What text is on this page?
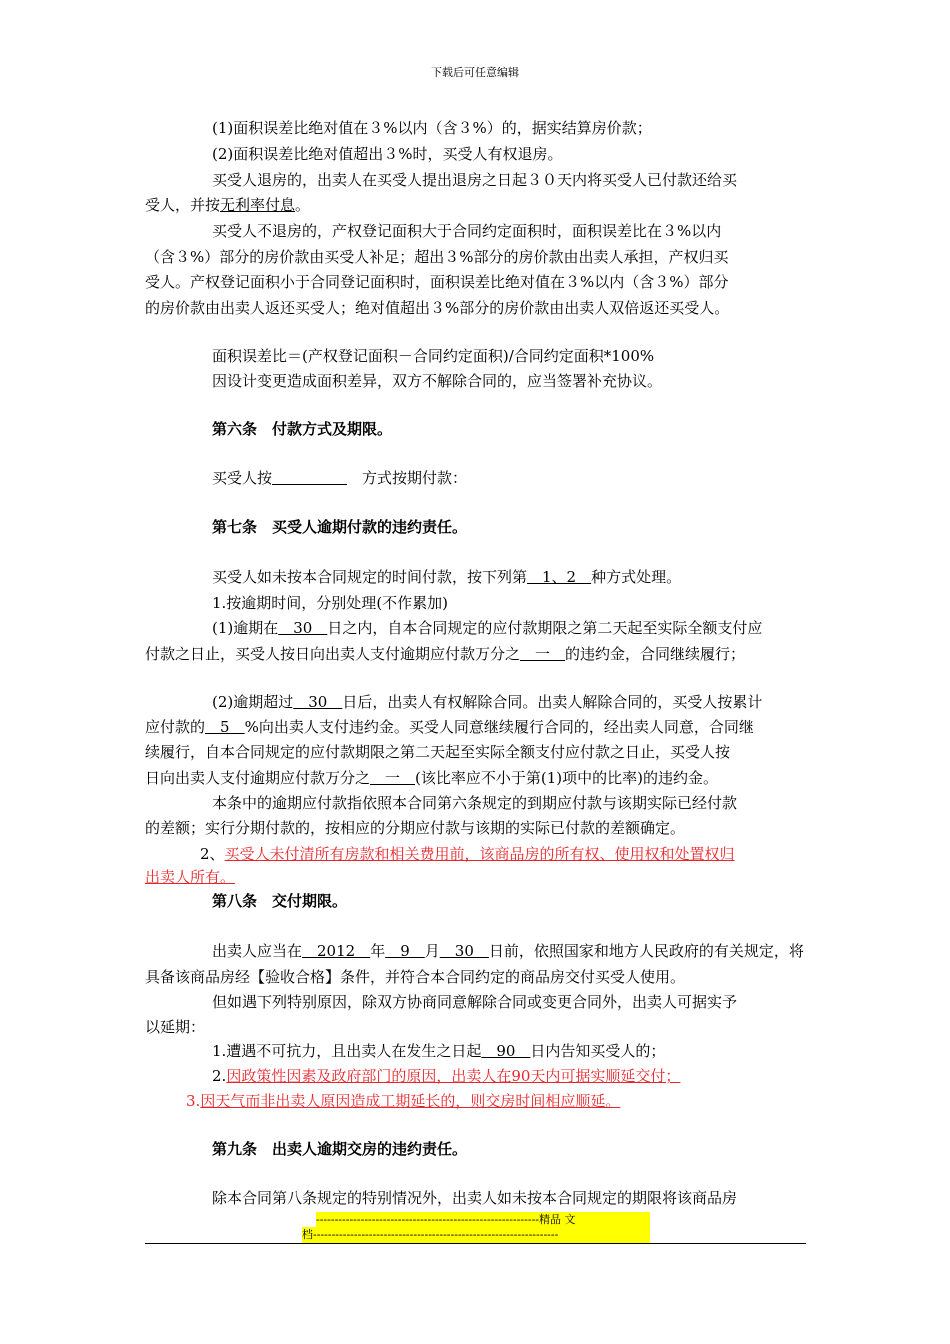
下载后可任意编辑
(1)面积误差比绝对值在３%以内（含３%）的，据实结算房价款；
(2)面积误差比绝对值超出３%时，买受人有权退房。
买受人退房的，出卖人在买受人提出退房之日起３０天内将买受人已付款还给买
受人，并按无利率付息。
买受人不退房的，产权登记面积大于合同约定面积时，面积误差比在３%以内
（含３%）部分的房价款由买受人补足；超出３%部分的房价款由出卖人承担，产权归买
受人。产权登记面积小于合同登记面积时，面积误差比绝对值在３%以内（含３%）部分
的房价款由出卖人返还买受人；绝对值超出３%部分的房价款由出卖人双倍返还买受人。
面积误差比＝(产权登记面积－合同约定面积)/合同约定面积*100%
因设计变更造成面积差异，双方不解除合同的，应当签署补充协议。
第六条　付款方式及期限。
买受人按　　　　　	　方式按期付款：
第七条　买受人逾期付款的违约责任。
买受人如未按本合同规定的时间付款，按下列第　1、2　种方式处理。
1.按逾期时间，分别处理(不作累加)
(1)逾期在　30　日之内，自本合同规定的应付款期限之第二天起至实际全额支付应
付款之日止，买受人按日向出卖人支付逾期应付款万分之　一　的违约金，合同继续履行；
(2)逾期超过　30　日后，出卖人有权解除合同。出卖人解除合同的，买受人按累计
应付款的　5　%向出卖人支付违约金。买受人同意继续履行合同的，经出卖人同意，合同继
续履行，自本合同规定的应付款期限之第二天起至实际全额支付应付款之日止，买受人按
日向出卖人支付逾期应付款万分之　一　(该比率应不小于第(1)项中的比率)的违约金。
本条中的逾期应付款指依照本合同第六条规定的到期应付款与该期实际已经付款
的差额；实行分期付款的，按相应的分期应付款与该期的实际已付款的差额确定。
2、买受人未付清所有房款和相关费用前，该商品房的所有权、使用权和处置权归
出卖人所有。
第八条　交付期限。
出卖人应当在　2012　年　9　月　30　日前，依照国家和地方人民政府的有关规定，将
具备该商品房经【验收合格】条件，并符合本合同约定的商品房交付买受人使用。
但如遇下列特别原因，除双方协商同意解除合同或变更合同外，出卖人可据实予
以延期：
1.遭遇不可抗力，且出卖人在发生之日起　90　日内告知买受人的；
2.因政策性因素及政府部门的原因，出卖人在90天内可据实顺延交付；
3.因天气而非出卖人原因造成工期延长的，则交房时间相应顺延。
第九条　出卖人逾期交房的违约责任。
除本合同第八条规定的特别情况外，出卖人如未按本合同规定的期限将该商品房
------------------------------------------------------------精品 文
档------------------------------------------------------------------
